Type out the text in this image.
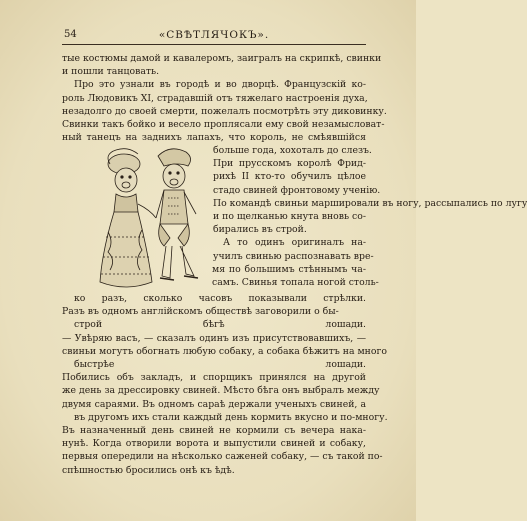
54	«СВѢТЛЯЧОКЪ».
тые костюмы дамой и кавалеромъ, заигралъ на скрипкѣ, свинки
и пошли танцовать.
Про это узнали въ городѣ и во дворцѣ. Французскій ко-
роль Людовикъ XI, страдавшій отъ тяжелаго настроенія духа,
незадолго до своей смерти, пожелалъ посмотрѣть эту диковинку.
Свинки такъ бойко и весело проплясали ему свой незамысловат-
ный танецъ на заднихъ лапахъ, что король, не смѣявшійся
больше года, хохоталъ до слезъ.
При прусскомъ королѣ Фрид-
рихѣ II кто-то обучилъ цѣлое
стадо свиней фронтовому ученію.
По командѣ свиньи маршировали въ ногу, рассыпались по лугу
и по щелканью кнута вновь со-
бирались въ строй.
А то одинъ оригиналъ на-
училъ свинью распознавать вре-
мя по большимъ стѣннымъ ча-
самъ. Свинья топала ногой столь-
ко разъ, сколько часовъ показывали стрѣлки.
Разъ въ одномъ англійскомъ обществѣ заговорили о бы-
строй бѣгѣ лошади.
— Увѣряю васъ, — сказалъ одинъ изъ присутствовавшихъ, —
свиньи могутъ обогнать любую собаку, а собака бѣжитъ на много
быстрѣе лошади.
Побились объ закладъ, и спорщикъ принялся на другой
же день за дрессировку свиней. Мѣсто бѣга онъ выбралъ между
двумя сараями. Въ одномъ сараѣ держали ученыхъ свиней, а
въ другомъ ихъ стали каждый день кормить вкусно и по-многу.
Въ назначенный день свиней не кормили съ вечера нака-
нунѣ. Когда отворили ворота и выпустили свиней и собаку,
первыя опередили на нѣсколько саженей собаку, — съ такой по-
спѣшностью бросились онѣ къ ѣдѣ.
